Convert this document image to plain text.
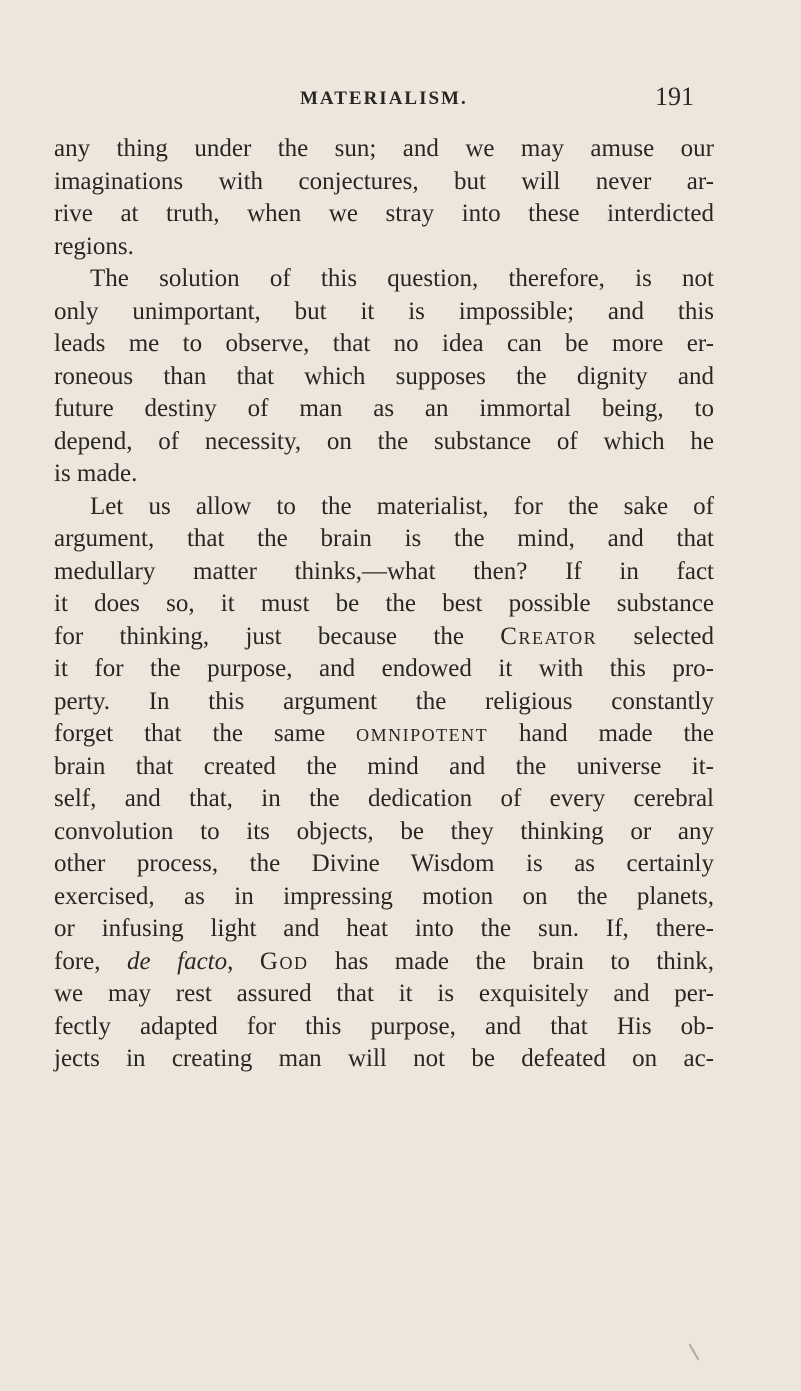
MATERIALISM.	191
any thing under the sun; and we may amuse our
imaginations with conjectures, but will never ar-
rive at truth, when we stray into these interdicted
regions.
The solution of this question, therefore, is not
only unimportant, but it is impossible; and this
leads me to observe, that no idea can be more er-
roneous than that which supposes the dignity and
future destiny of man as an immortal being, to
depend, of necessity, on the substance of which he
is made.
Let us allow to the materialist, for the sake of
argument, that the brain is the mind, and that
medullary matter thinks,—what then? If in fact
it does so, it must be the best possible substance
for thinking, just because the Creator selected
it for the purpose, and endowed it with this pro-
perty. In this argument the religious constantly
forget that the same omnipotent hand made the
brain that created the mind and the universe it-
self, and that, in the dedication of every cerebral
convolution to its objects, be they thinking or any
other process, the Divine Wisdom is as certainly
exercised, as in impressing motion on the planets,
or infusing light and heat into the sun. If, there-
fore, de facto, God has made the brain to think,
we may rest assured that it is exquisitely and per-
fectly adapted for this purpose, and that His ob-
jects in creating man will not be defeated on ac-
